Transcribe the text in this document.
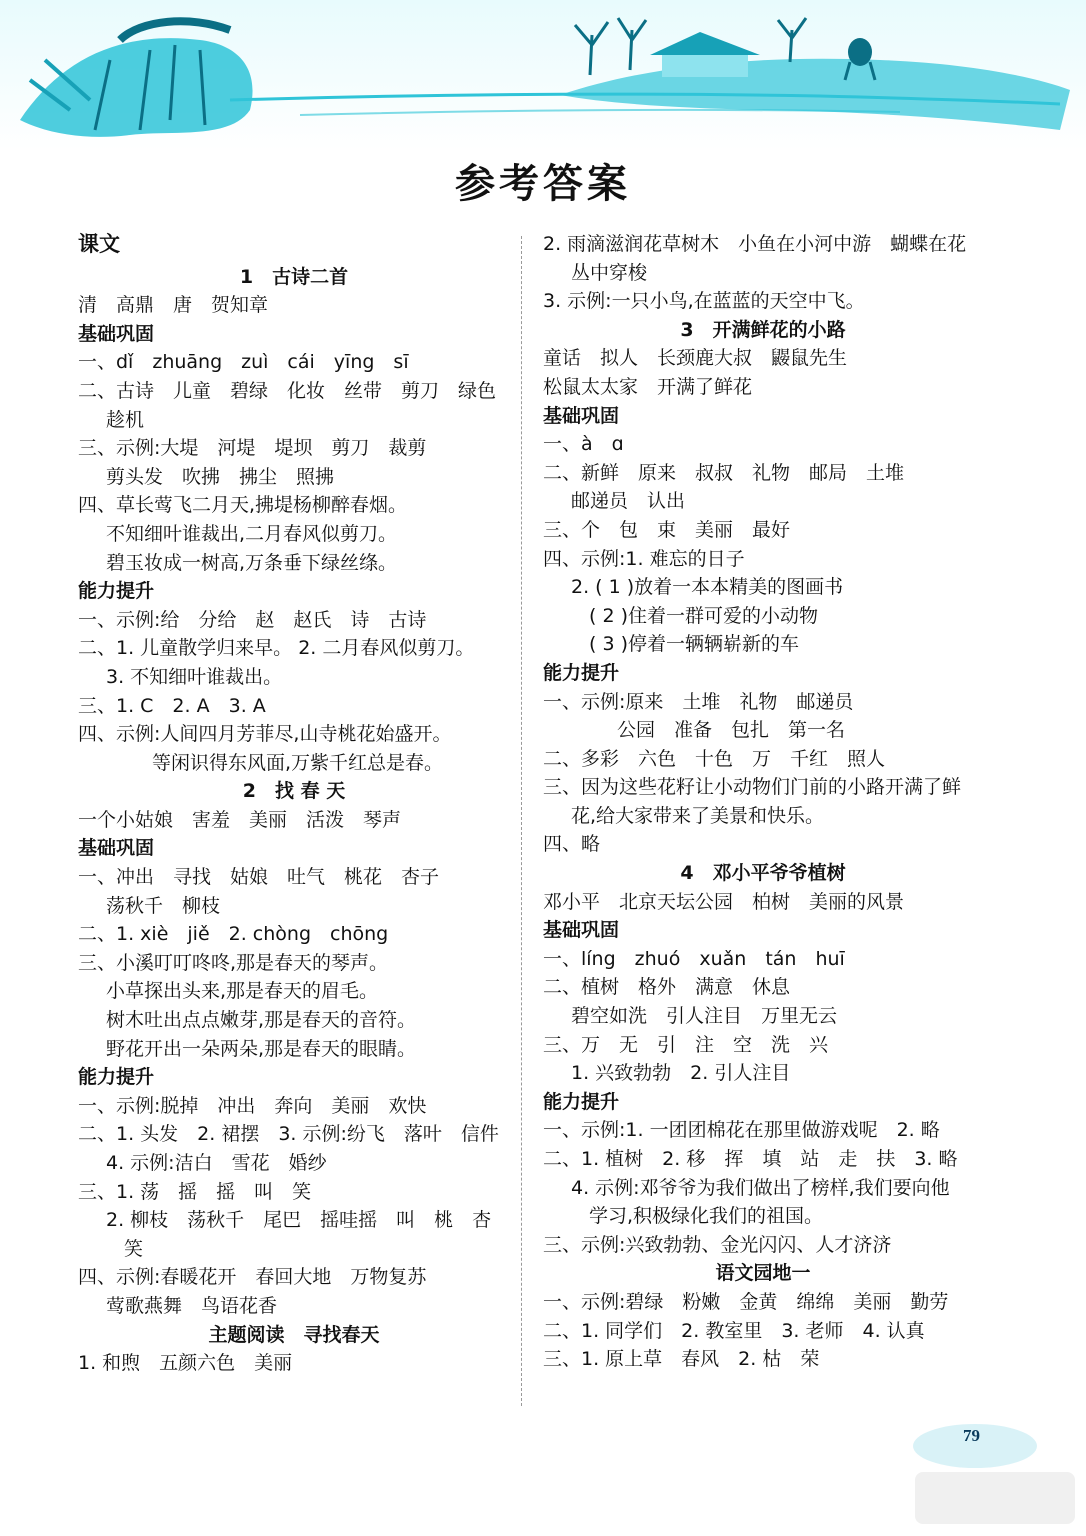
参考答案
课文
1　古诗二首
清　高鼎　唐　贺知章
基础巩固
一、dǐ　zhuāng　zuì　cái　yīng　sī
二、古诗　儿童　碧绿　化妆　丝带　剪刀　绿色
趁机
三、示例:大堤　河堤　堤坝　剪刀　裁剪
剪头发　吹拂　拂尘　照拂
四、草长莺飞二月天,拂堤杨柳醉春烟。
不知细叶谁裁出,二月春风似剪刀。
碧玉妆成一树高,万条垂下绿丝绦。
能力提升
一、示例:给　分给　赵　赵氏　诗　古诗
二、1. 儿童散学归来早。 2. 二月春风似剪刀。
3. 不知细叶谁裁出。
三、1. C　2. A　3. A
四、示例:人间四月芳菲尽,山寺桃花始盛开。
等闲识得东风面,万紫千红总是春。
2　找 春 天
一个小姑娘　害羞　美丽　活泼　琴声
基础巩固
一、冲出　寻找　姑娘　吐气　桃花　杏子
荡秋千　柳枝
二、1. xiè　jiě　2. chòng　chōng
三、小溪叮叮咚咚,那是春天的琴声。
小草探出头来,那是春天的眉毛。
树木吐出点点嫩芽,那是春天的音符。
野花开出一朵两朵,那是春天的眼睛。
能力提升
一、示例:脱掉　冲出　奔向　美丽　欢快
二、1. 头发　2. 裙摆　3. 示例:纷飞　落叶　信件
4. 示例:洁白　雪花　婚纱
三、1. 荡　摇　摇　叫　笑
2. 柳枝　荡秋千　尾巴　摇哇摇　叫　桃　杏
笑
四、示例:春暖花开　春回大地　万物复苏
莺歌燕舞　鸟语花香
主题阅读　寻找春天
1. 和煦　五颜六色　美丽
2. 雨滴滋润花草树木　小鱼在小河中游　蝴蝶在花
丛中穿梭
3. 示例:一只小鸟,在蓝蓝的天空中飞。
3　开满鲜花的小路
童话　拟人　长颈鹿大叔　鼹鼠先生
松鼠太太家　开满了鲜花
基础巩固
一、à　ɑ
二、新鲜　原来　叔叔　礼物　邮局　土堆
邮递员　认出
三、个　包　束　美丽　最好
四、示例:1. 难忘的日子
2. ( 1 )放着一本本精美的图画书
( 2 )住着一群可爱的小动物
( 3 )停着一辆辆崭新的车
能力提升
一、示例:原来　土堆　礼物　邮递员
公园　准备　包扎　第一名
二、多彩　六色　十色　万　千红　照人
三、因为这些花籽让小动物们门前的小路开满了鲜
花,给大家带来了美景和快乐。
四、略
4　邓小平爷爷植树
邓小平　北京天坛公园　柏树　美丽的风景
基础巩固
一、líng　zhuó　xuǎn　tán　huī
二、植树　格外　满意　休息
碧空如洗　引人注目　万里无云
三、万　无　引　注　空　洗　兴
1. 兴致勃勃　2. 引人注目
能力提升
一、示例:1. 一团团棉花在那里做游戏呢　2. 略
二、1. 植树　2. 移　挥　填　站　走　扶　3. 略
4. 示例:邓爷爷为我们做出了榜样,我们要向他
学习,积极绿化我们的祖国。
三、示例:兴致勃勃、金光闪闪、人才济济
语文园地一
一、示例:碧绿　粉嫩　金黄　绵绵　美丽　勤劳
二、1. 同学们　2. 教室里　3. 老师　4. 认真
三、1. 原上草　春风　2. 枯　荣
79
